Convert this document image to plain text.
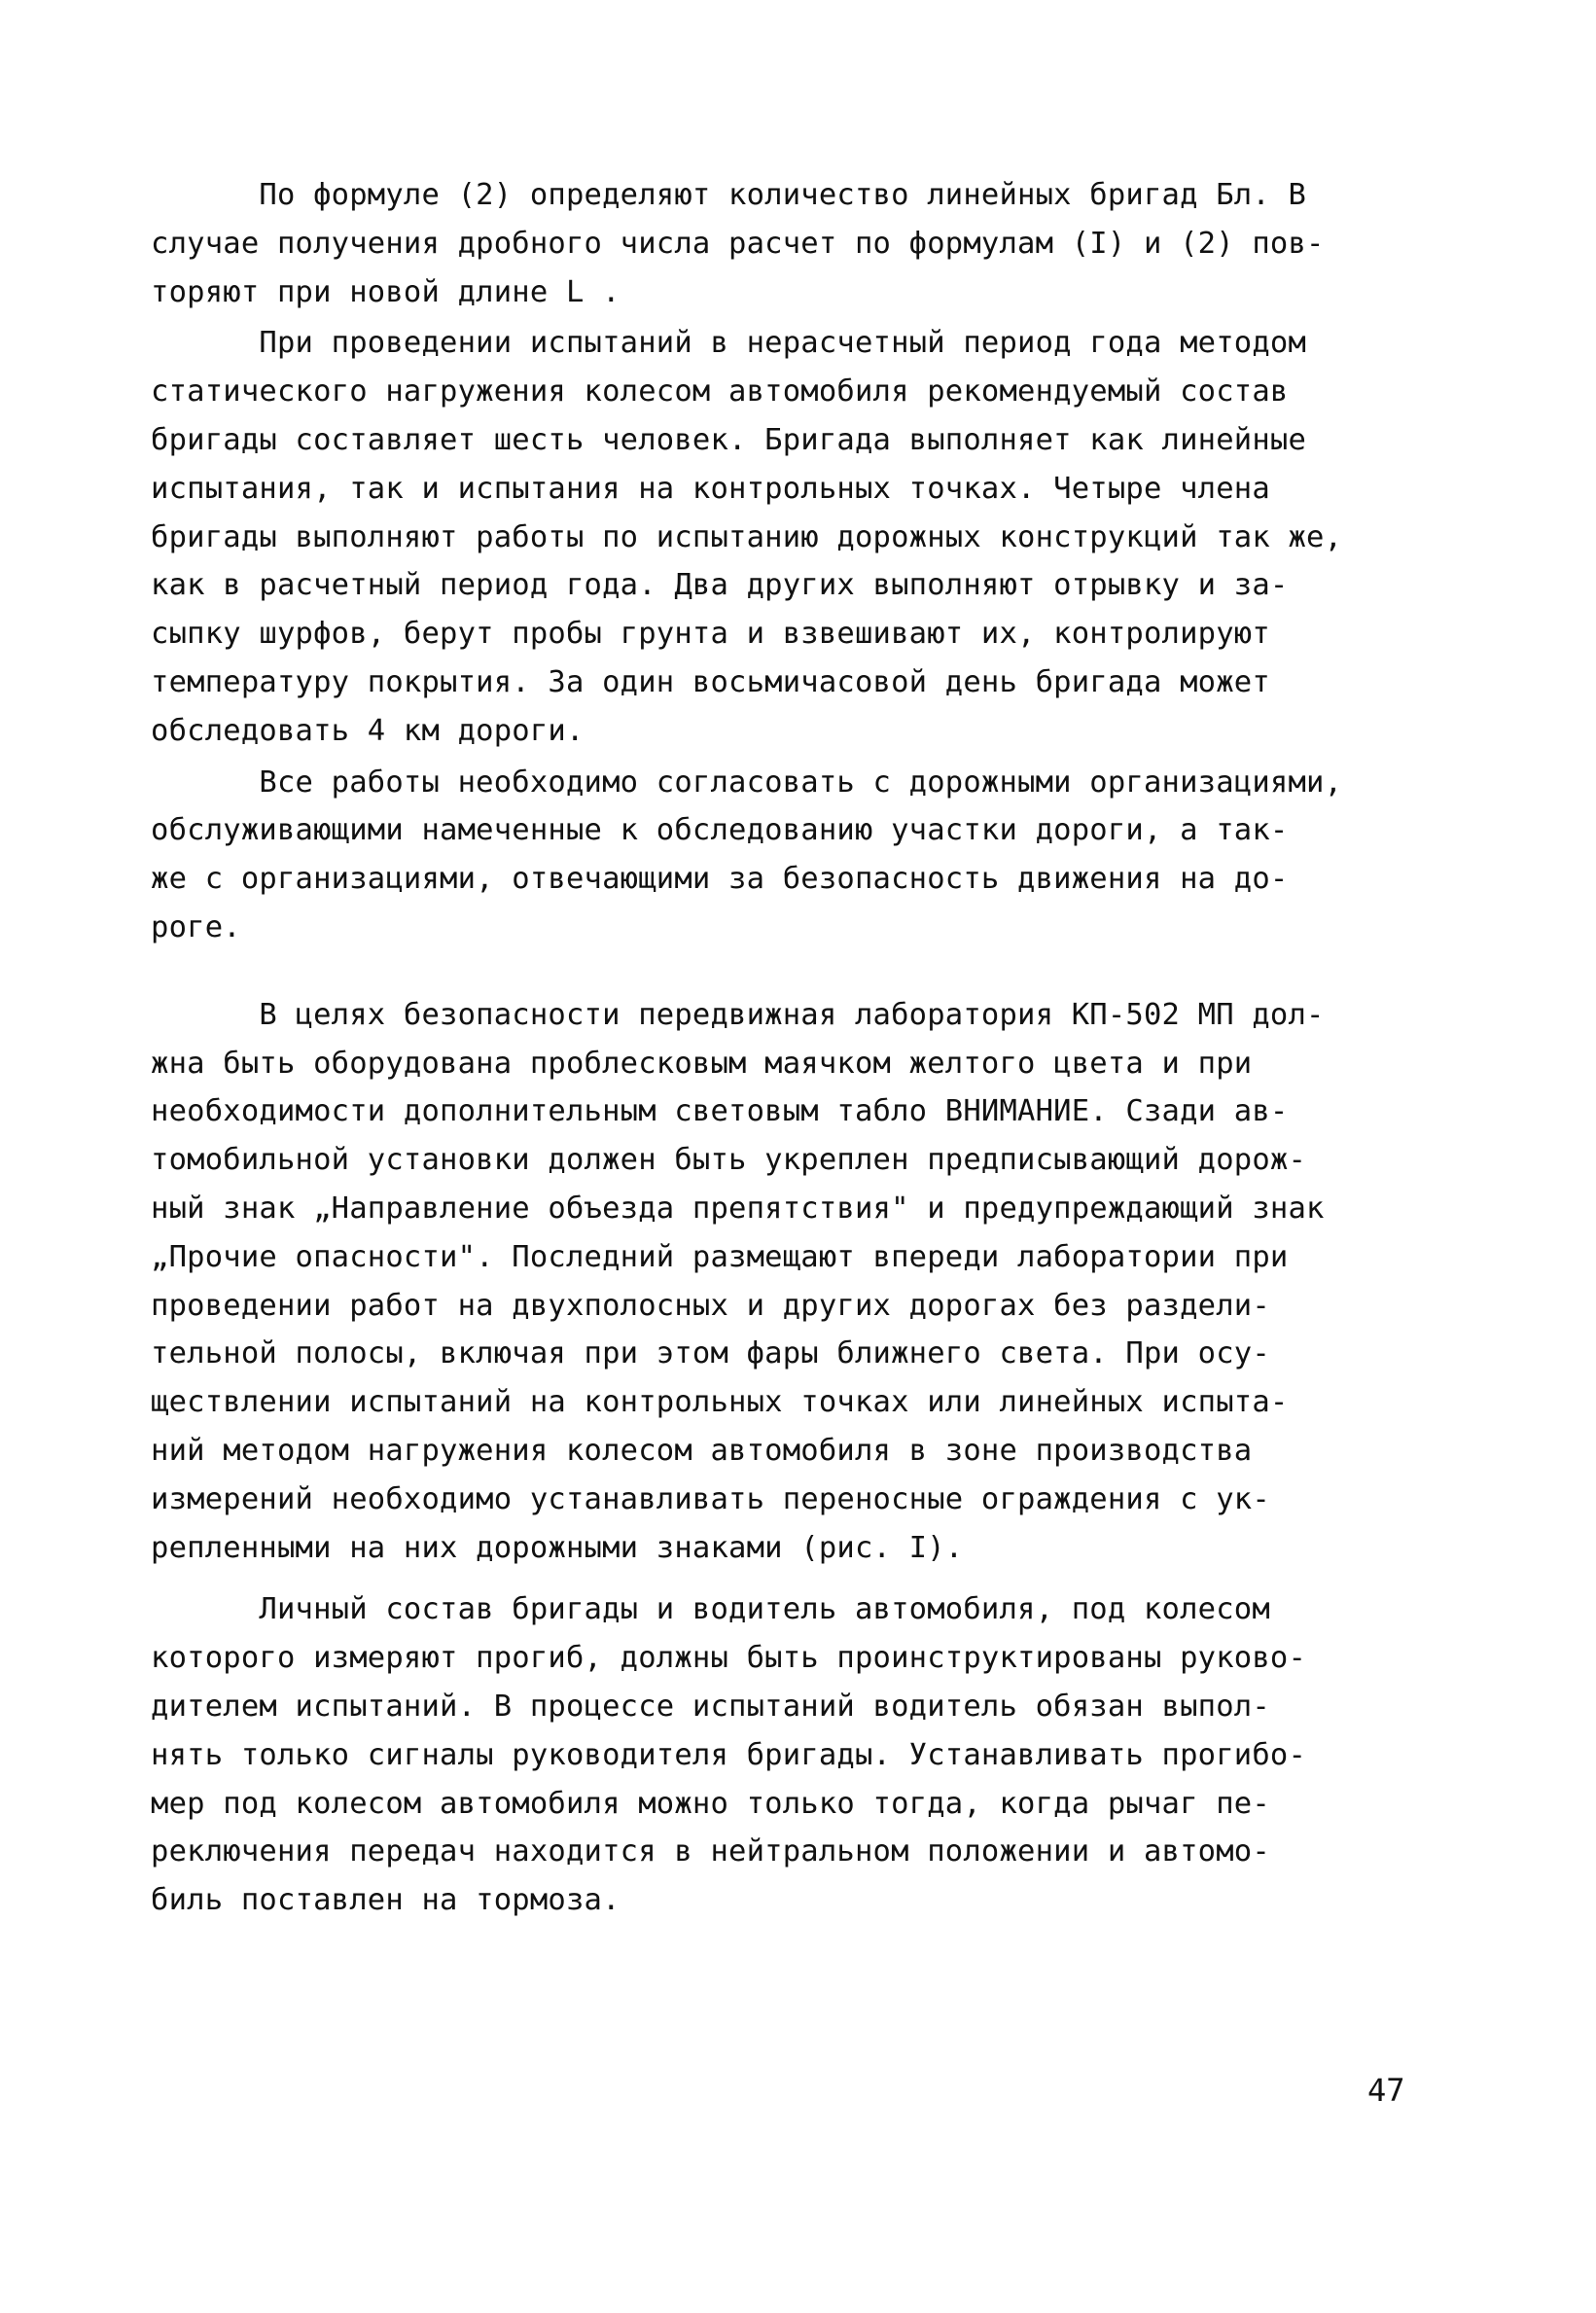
По формуле (2) определяют количество линейных бригад Бл. В
случае получения дробного числа расчет по формулам (I) и (2) пов-
торяют при новой длине L .
При проведении испытаний в нерасчетный период года методом
статического нагружения колесом автомобиля рекомендуемый состав
бригады составляет шесть человек. Бригада выполняет как линейные
испытания, так и испытания на контрольных точках. Четыре члена
бригады выполняют работы по испытанию дорожных конструкций так же,
как в расчетный период года. Два других выполняют отрывку и за-
сыпку шурфов, берут пробы грунта и взвешивают их, контролируют
температуру покрытия. За один восьмичасовой день бригада может
обследовать 4 км дороги.
Все работы необходимо согласовать с дорожными организациями,
обслуживающими намеченные к обследованию участки дороги, а так-
же с организациями, отвечающими за безопасность движения на до-
роге.
В целях безопасности передвижная лаборатория КП-502 МП дол-
жна быть оборудована проблесковым маячком желтого цвета и при
необходимости дополнительным световым табло ВНИМАНИЕ. Сзади ав-
томобильной установки должен быть укреплен предписывающий дорож-
ный знак „Направление объезда препятствия" и предупреждающий знак
„Прочие опасности". Последний размещают впереди лаборатории при
проведении работ на двухполосных и других дорогах без раздели-
тельной полосы, включая при этом фары ближнего света. При осу-
ществлении испытаний на контрольных точках или линейных испыта-
ний методом нагружения колесом автомобиля в зоне производства
измерений необходимо устанавливать переносные ограждения с ук-
репленными на них дорожными знаками (рис. I).
Личный состав бригады и водитель автомобиля, под колесом
которого измеряют прогиб, должны быть проинструктированы руково-
дителем испытаний. В процессе испытаний водитель обязан выпол-
нять только сигналы руководителя бригады. Устанавливать прогибо-
мер под колесом автомобиля можно только тогда, когда рычаг пе-
реключения передач находится в нейтральном положении и автомо-
биль поставлен на тормоза.
47
